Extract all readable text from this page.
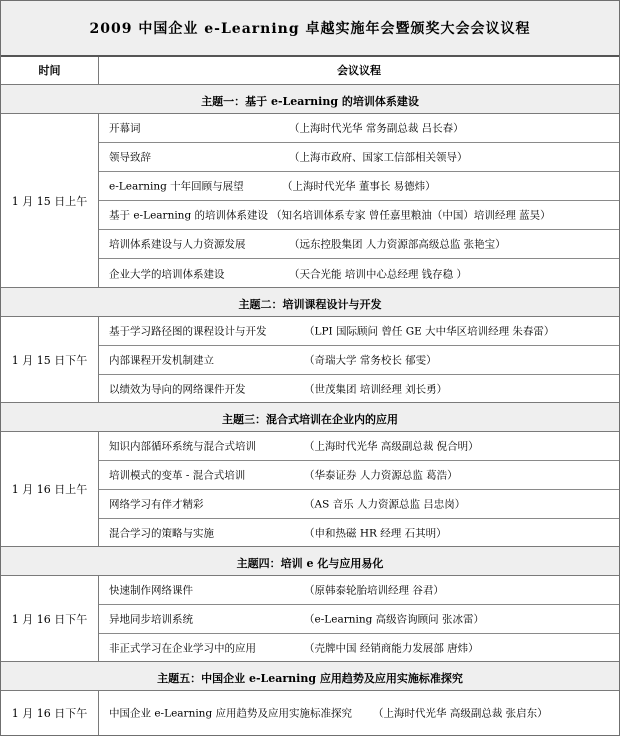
2009 中国企业 e-Learning 卓越实施年会暨颁奖大会会议议程
时间	会议议程
主题一：基于 e-Learning 的培训体系建设
1 月 15 日上午
开幕词	（上海时代光华 常务副总裁 吕长春）
领导致辞	（上海市政府、国家工信部相关领导）
e-Learning 十年回顾与展望	（上海时代光华 董事长 易德炜）
基于 e-Learning 的培训体系建设 （知名培训体系专家 曾任嘉里粮油（中国）培训经理 蓝昊）
培训体系建设与人力资源发展	（远东控股集团 人力资源部高级总监 张艳宝）
企业大学的培训体系建设	（天合光能 培训中心总经理 钱存稳 ）
主题二：培训课程设计与开发
1 月 15 日下午
基于学习路径图的课程设计与开发	（LPI 国际顾问 曾任 GE 大中华区培训经理 朱春雷）
内部课程开发机制建立	（奇瑞大学 常务校长 郁雯）
以绩效为导向的网络课件开发	（世茂集团 培训经理 刘长勇）
主题三：混合式培训在企业内的应用
1 月 16 日上午
知识内部循环系统与混合式培训	（上海时代光华 高级副总裁 倪合明）
培训模式的变革 - 混合式培训	（华泰证券 人力资源总监 葛浩）
网络学习有伴才精彩	（AS 音乐 人力资源总监 吕忠岗）
混合学习的策略与实施	（申和热磁 HR 经理 石其明）
主题四：培训 e 化与应用易化
1 月 16 日下午
快速制作网络课件	（原韩泰轮胎培训经理 谷君）
异地同步培训系统	（e-Learning 高级咨询顾问 张冰雷）
非正式学习在企业学习中的应用	（壳牌中国 经销商能力发展部 唐炜）
主题五：中国企业 e-Learning 应用趋势及应用实施标准探究
1 月 16 日下午	中国企业 e-Learning 应用趋势及应用实施标准探究 （上海时代光华 高级副总裁 张启东）
